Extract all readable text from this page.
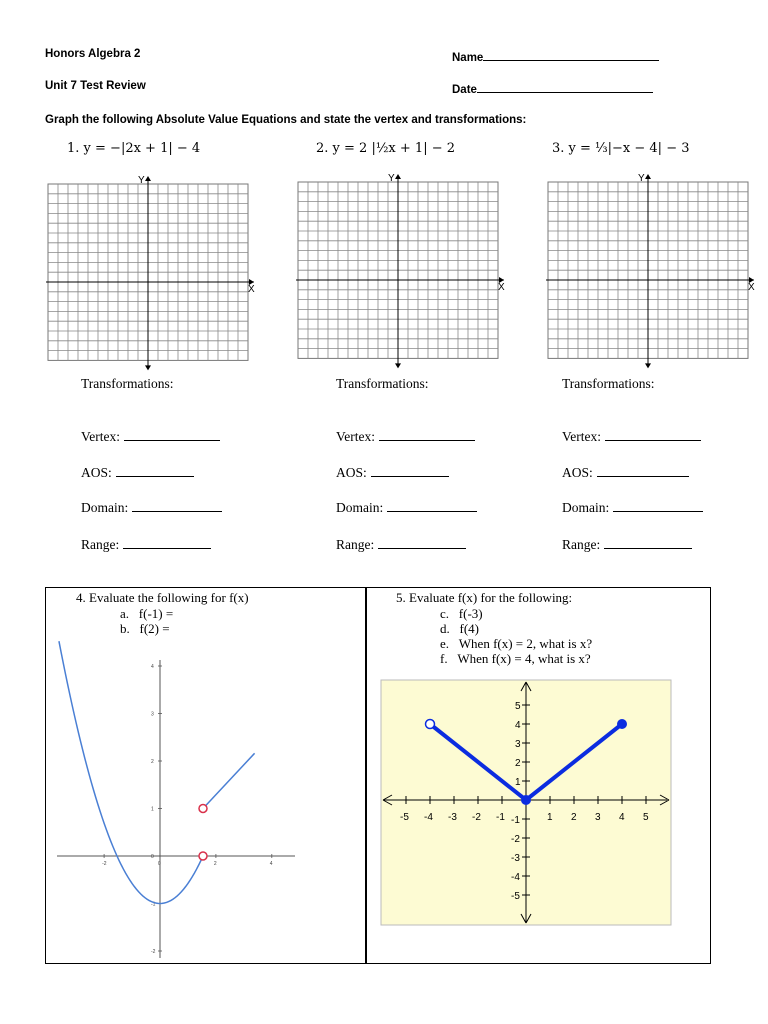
Honors Algebra 2	Name
Unit 7 Test Review	Date
Graph the following Absolute Value Equations and state the vertex and transformations:
1. y = −|2x + 1| − 4	2. y = 2 |½x + 1| − 2	3. y = ⅓|−x − 4| − 3
X
Y
X
Y
X
Y
Transformations:
Vertex:
AOS:
Domain:
Range:
Transformations:
Vertex:
AOS:
Domain:
Range:
Transformations:
Vertex:
AOS:
Domain:
Range:
4. Evaluate the following for f(x)
a. f(-1) =
b. f(2) =
5. Evaluate f(x) for the following:
c. f(-3)
d. f(4)
e. When f(x) = 2, what is x?
f. When f(x) = 4, what is x?
-2	0	2	4
4
3
2
1
0
-1
-2
-5 -4 -3 -2 -1	1 2 3 4 5
5
4
3
2
1
-1
-2
-3
-4
-5
